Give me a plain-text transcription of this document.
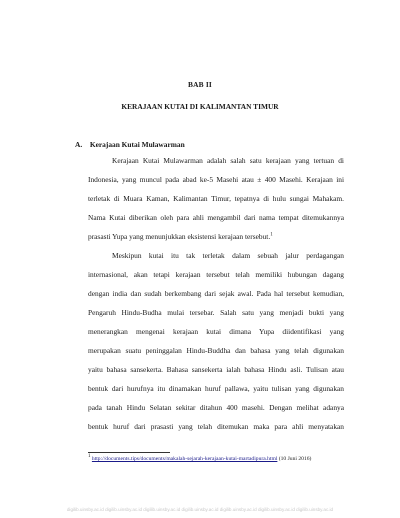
BAB II
KERAJAAN KUTAI DI KALIMANTAN TIMUR
A. Kerajaan Kutai Mulawarman
Kerajaan Kutai Mulawarman adalah salah satu kerajaan yang tertuan di
Indonesia, yang muncul pada abad ke-5 Masehi atau ± 400 Masehi. Kerajaan ini
terletak di Muara Kaman, Kalimantan Timur, tepatnya di hulu sungai Mahakam.
Nama Kutai diberikan oleh para ahli mengambil dari nama tempat ditemukannya
prasasti Yupa yang menunjukkan eksistensi kerajaan tersebut.$^1$
Meskipun kutai itu tak terletak dalam sebuah jalur perdagangan
internasional, akan tetapi kerajaan tersebut telah memiliki hubungan dagang
dengan india dan sudah berkembang dari sejak awal. Pada hal tersebut kemudian,
Pengaruh Hindu-Budha mulai tersebar. Salah satu yang menjadi bukti yang
menerangkan mengenai kerajaan kutai dimana Yupa diidentifikasi yang
merupakan suatu peninggalan Hindu-Buddha dan bahasa yang telah digunakan
yaitu bahasa sansekerta. Bahasa sansekerta ialah bahasa Hindu asli. Tulisan atau
bentuk dari hurufnya itu dinamakan huruf pallawa, yaitu tulisan yang digunakan
pada tanah Hindu Selatan sekitar ditahun 400 masehi. Dengan melihat adanya
bentuk huruf dari prasasti yang telah ditemukan maka para ahli menyatakan
$^1$ http://documents.tips/documents/makalah-sejarah-kerajaan-kutai-martadipura.html (10 Juni 2016)
digilib.uinsby.ac.id digilib.uinsby.ac.id digilib.uinsby.ac.id digilib.uinsby.ac.id digilib.uinsby.ac.id digilib.uinsby.ac.id digilib.uinsby.ac.id
